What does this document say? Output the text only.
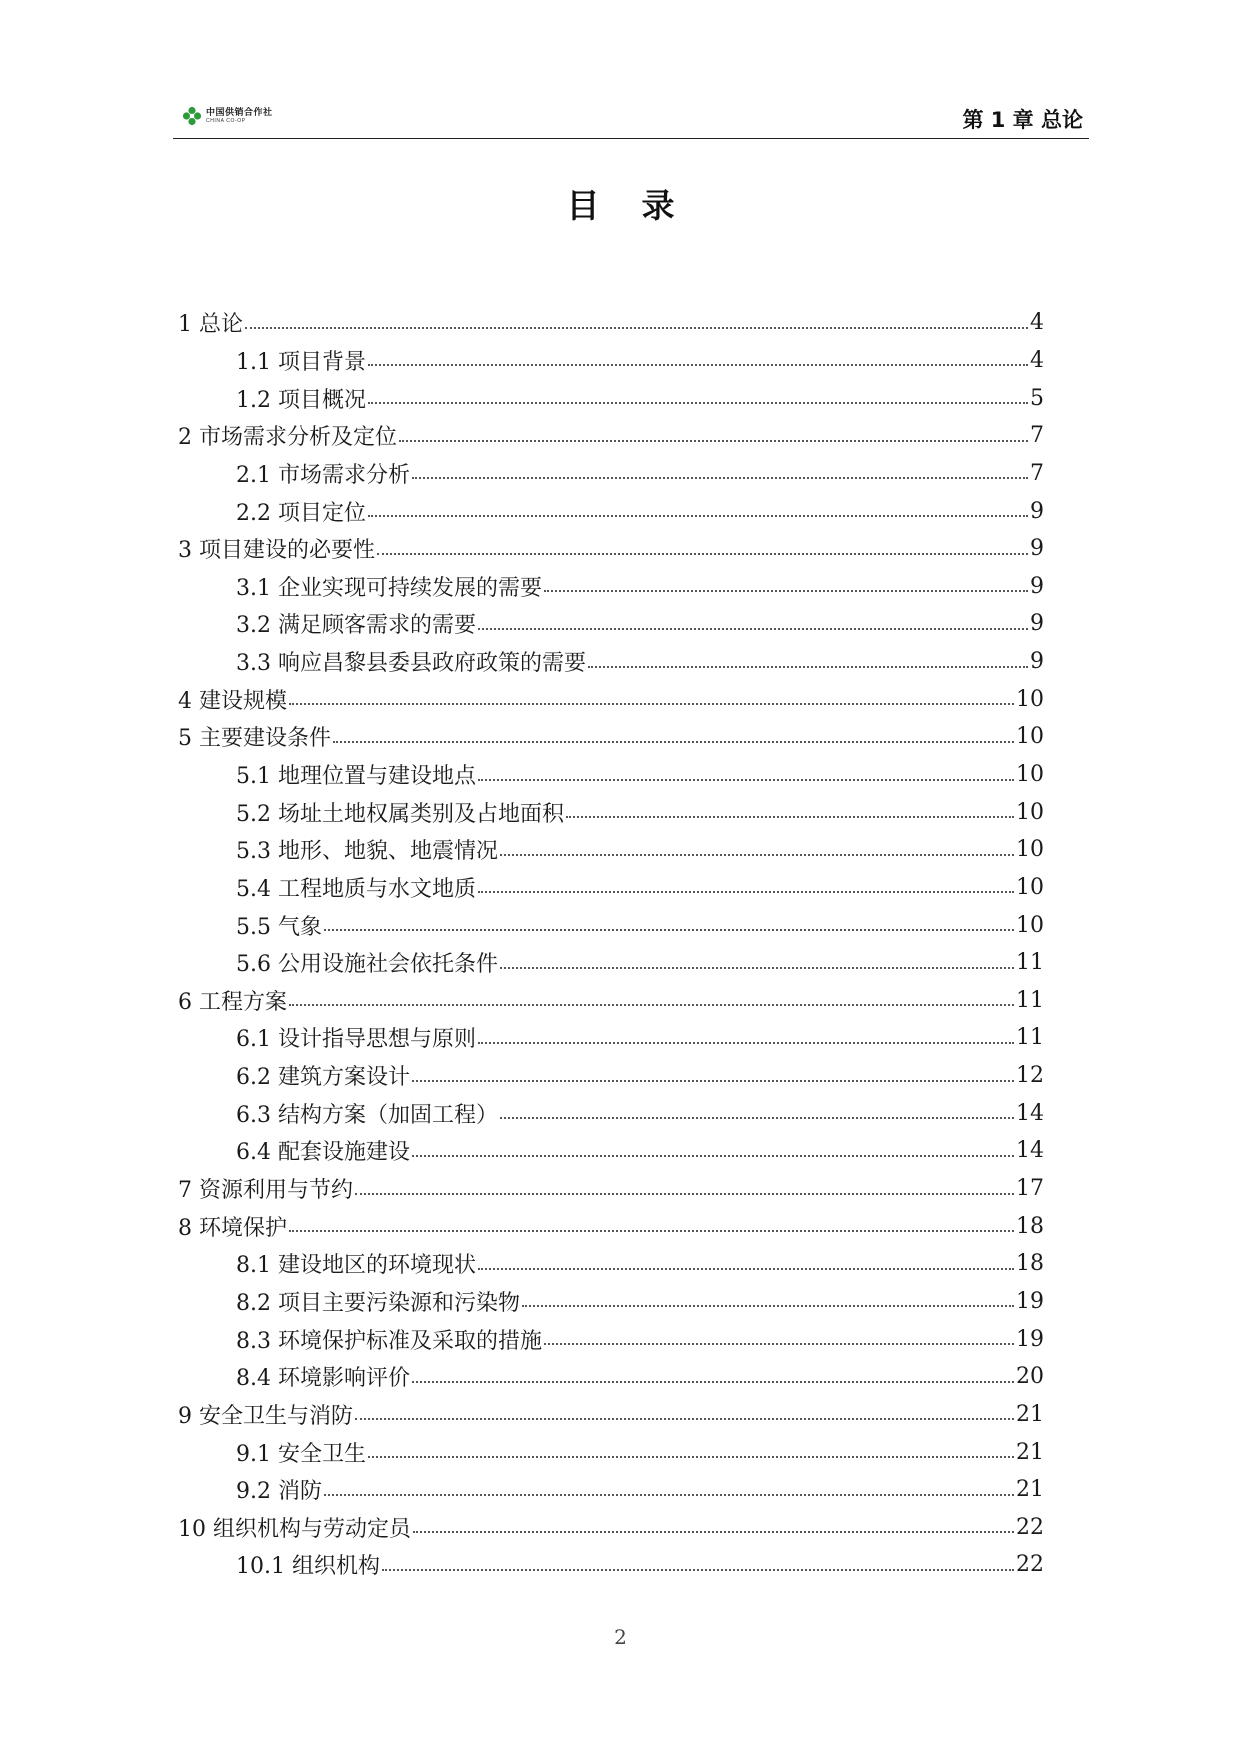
中国供销合作社
CHINA CO-OP	第 1 章 总论
目录
1 总论	4
1.1 项目背景	4
1.2 项目概况	5
2 市场需求分析及定位	7
2.1 市场需求分析	7
2.2 项目定位	9
3 项目建设的必要性	9
3.1 企业实现可持续发展的需要	9
3.2 满足顾客需求的需要	9
3.3 响应昌黎县委县政府政策的需要	9
4 建设规模	10
5 主要建设条件	10
5.1 地理位置与建设地点	10
5.2 场址土地权属类别及占地面积	10
5.3 地形、地貌、地震情况	10
5.4 工程地质与水文地质	10
5.5 气象	10
5.6 公用设施社会依托条件	11
6 工程方案	11
6.1 设计指导思想与原则	11
6.2 建筑方案设计	12
6.3 结构方案（加固工程）	14
6.4 配套设施建设	14
7 资源利用与节约	17
8 环境保护	18
8.1 建设地区的环境现状	18
8.2 项目主要污染源和污染物	19
8.3 环境保护标准及采取的措施	19
8.4 环境影响评价	20
9 安全卫生与消防	21
9.1 安全卫生	21
9.2 消防	21
10 组织机构与劳动定员	22
10.1 组织机构	22
2
